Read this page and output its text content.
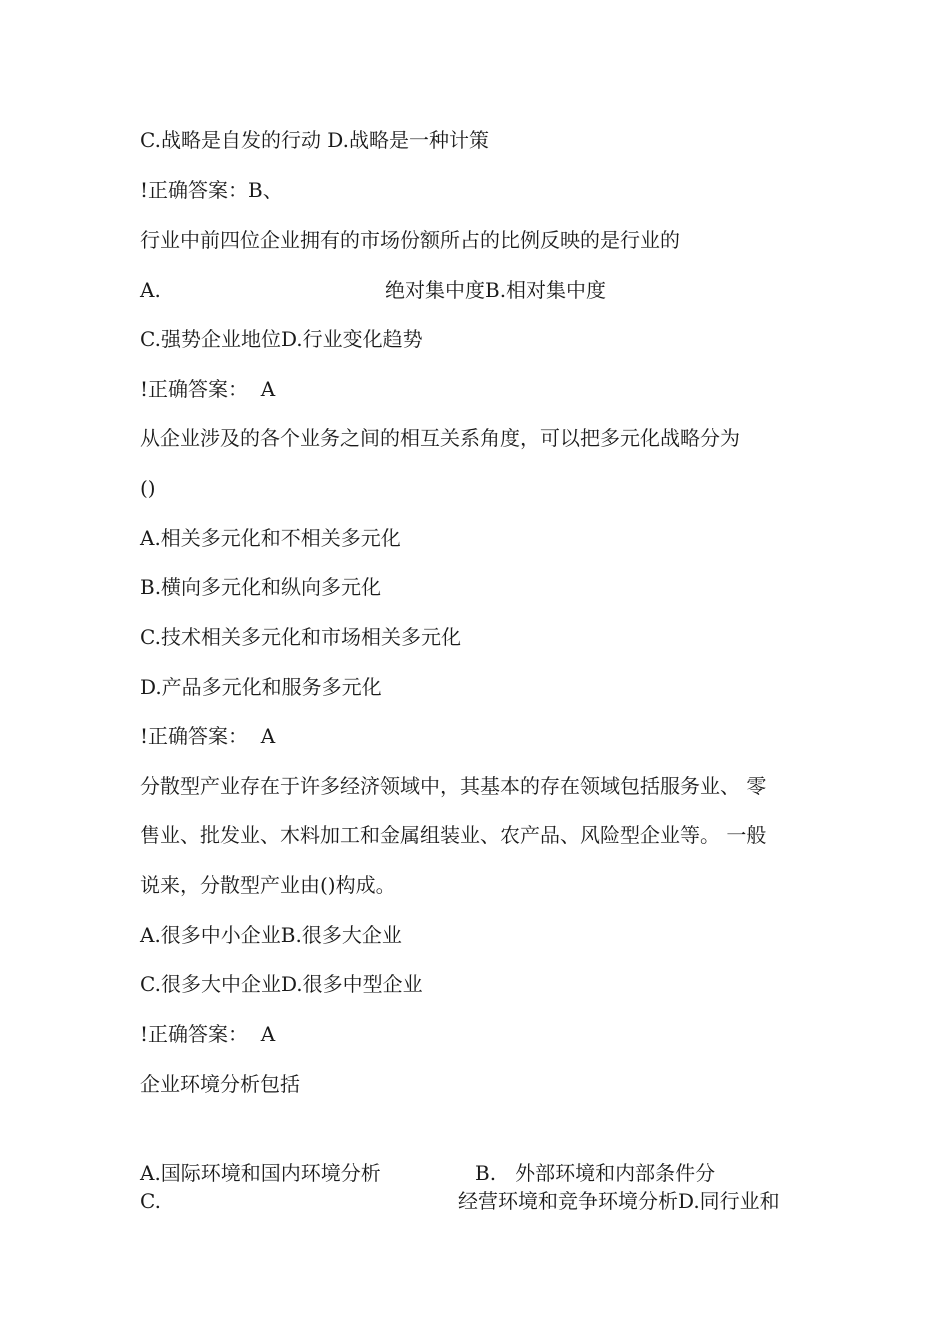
C.战略是自发的行动 D.战略是一种计策

!正确答案：B、

行业中前四位企业拥有的市场份额所占的比例反映的是行业的

A.	绝对集中度B.相对集中度

C.强势企业地位D.行业变化趋势

!正确答案：  A

从企业涉及的各个业务之间的相互关系角度，可以把多元化战略分为

()

A.相关多元化和不相关多元化

B.横向多元化和纵向多元化

C.技术相关多元化和市场相关多元化

D.产品多元化和服务多元化

!正确答案：  A

分散型产业存在于许多经济领域中，其基本的存在领域包括服务业、 零

售业、批发业、木料加工和金属组装业、农产品、风险型企业等。 一般

说来，分散型产业由()构成。

A.很多中小企业B.很多大企业

C.很多大中企业D.很多中型企业

!正确答案：  A

企业环境分析包括

A.国际环境和国内环境分析	B.   外部环境和内部条件分

C.	经营环境和竞争环境分析D.同行业和
